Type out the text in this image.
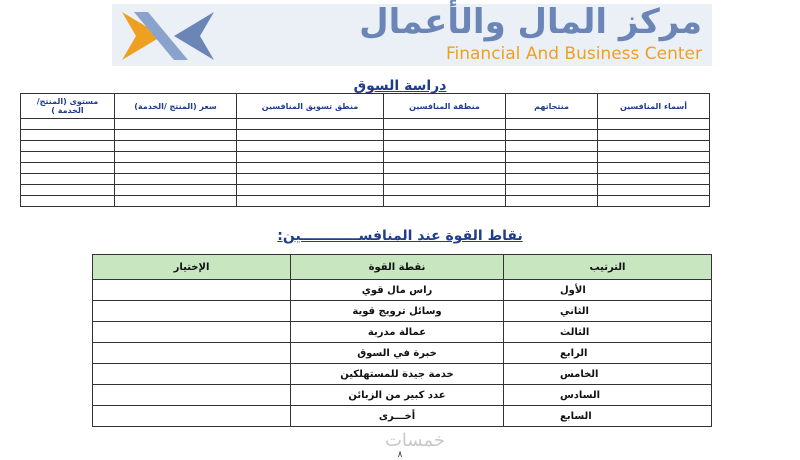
مركز المال والأعمال
Financial And Business Center
دراسة السوق
أسماء المنافسين	منتجاتهم	منطقة المنافسين	منطق تسويق المنافسين	سعر (المنتج /الخدمة)	مستوى (المنتج/ الخدمة )

نقاط القوة عند المنافســــــــــــين:
الترتيب	نقطة القوة	الإختيار
الأول	راس مال قوي	
الثاني	وسائل ترويج قوية	
الثالث	عمالة مدربة	
الرابع	خبرة في السوق	
الخامس	خدمة جيدة للمستهلكين	
السادس	عدد كبير من الزبائن	
السابع	أخـــرى	
خمسات
٨
